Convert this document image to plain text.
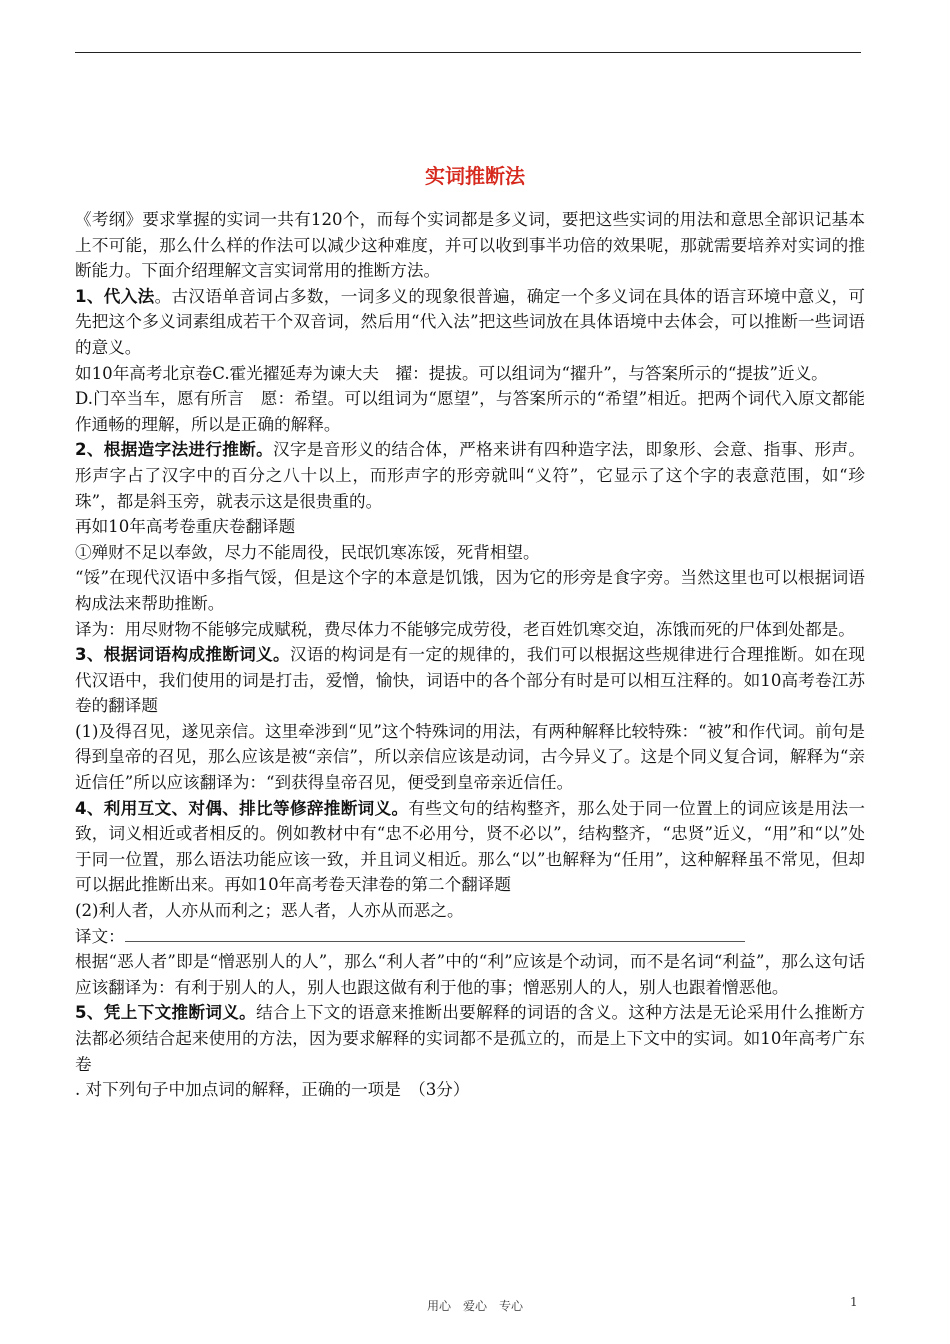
实词推断法

《考纲》要求掌握的实词一共有120个，而每个实词都是多义词，要把这些实词的用法和意思全部识记基本上不可能，那么什么样的作法可以减少这种难度，并可以收到事半功倍的效果呢，那就需要培养对实词的推断能力。下面介绍理解文言实词常用的推断方法。

1、代入法。古汉语单音词占多数，一词多义的现象很普遍，确定一个多义词在具体的语言环境中意义，可先把这个多义词素组成若干个双音词，然后用“代入法”把这些词放在具体语境中去体会，可以推断一些词语的意义。

如10年高考北京卷C.霍光擢延寿为谏大夫　擢：提拔。可以组词为“擢升”，与答案所示的“提拔”近义。

D.门卒当车，愿有所言　愿：希望。可以组词为“愿望”，与答案所示的“希望”相近。把两个词代入原文都能作通畅的理解，所以是正确的解释。

2、根据造字法进行推断。汉字是音形义的结合体，严格来讲有四种造字法，即象形、会意、指事、形声。形声字占了汉字中的百分之八十以上，而形声字的形旁就叫“义符”，它显示了这个字的表意范围，如“珍珠”，都是斜玉旁，就表示这是很贵重的。

再如10年高考卷重庆卷翻译题

①殚财不足以奉敛，尽力不能周役，民氓饥寒冻馁，死背相望。

“馁”在现代汉语中多指气馁，但是这个字的本意是饥饿，因为它的形旁是食字旁。当然这里也可以根据词语构成法来帮助推断。

译为：用尽财物不能够完成赋税，费尽体力不能够完成劳役，老百姓饥寒交迫，冻饿而死的尸体到处都是。

3、根据词语构成推断词义。汉语的构词是有一定的规律的，我们可以根据这些规律进行合理推断。如在现代汉语中，我们使用的词是打击，爱憎，愉快，词语中的各个部分有时是可以相互注释的。如10高考卷江苏卷的翻译题

(1)及得召见，遂见亲信。这里牵涉到“见”这个特殊词的用法，有两种解释比较特殊：“被”和作代词。前句是得到皇帝的召见，那么应该是被“亲信”，所以亲信应该是动词，古今异义了。这是个同义复合词，解释为“亲近信任”所以应该翻译为：“到获得皇帝召见，便受到皇帝亲近信任。

4、利用互文、对偶、排比等修辞推断词义。有些文句的结构整齐，那么处于同一位置上的词应该是用法一致，词义相近或者相反的。例如教材中有“忠不必用兮，贤不必以”，结构整齐，“忠贤”近义，“用”和“以”处于同一位置，那么语法功能应该一致，并且词义相近。那么“以”也解释为“任用”，这种解释虽不常见，但却可以据此推断出来。再如10年高考卷天津卷的第二个翻译题

(2)利人者，人亦从而利之；恶人者，人亦从而恶之。

译文：

根据“恶人者”即是“憎恶别人的人”，那么“利人者”中的“利”应该是个动词，而不是名词“利益”，那么这句话应该翻译为：有利于别人的人，别人也跟这做有利于他的事；憎恶别人的人，别人也跟着憎恶他。

5、凭上下文推断词义。结合上下文的语意来推断出要解释的词语的含义。这种方法是无论采用什么推断方法都必须结合起来使用的方法，因为要求解释的实词都不是孤立的，而是上下文中的实词。如10年高考广东卷

. 对下列句子中加点词的解释，正确的一项是　（3分）

用心　爱心　专心	1
